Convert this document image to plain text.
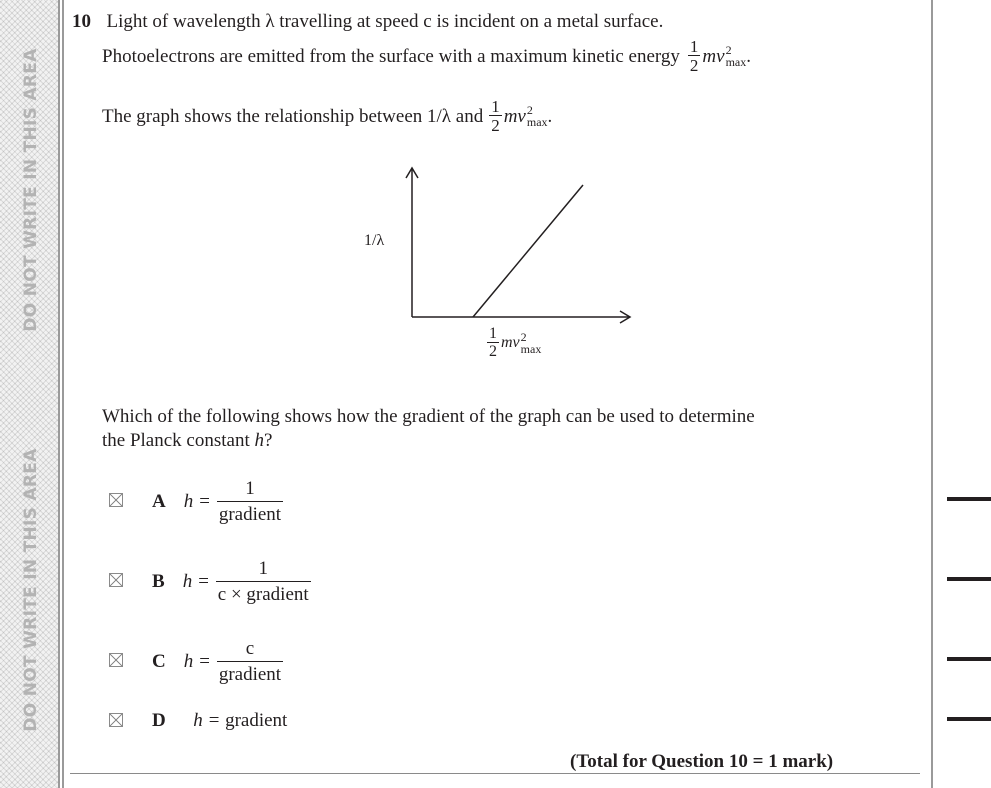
DO NOT WRITE IN THIS AREA
DO NOT WRITE IN THIS AREA
10 Light of wavelength λ travelling at speed c is incident on a metal surface.
Photoelectrons are emitted from the surface with a maximum kinetic energy $\frac{1}{2}$ mv 2
max .
The graph shows the relationship between 1/λ and $\frac{1}{2}$ mv 2
max .
1/λ
$\frac{1}{2}$ mv 2
max
Which of the following shows how the gradient of the graph can be used to determine
the Planck constant h?
A $h = \frac{1}{\text{gradient}}$
B $h = \frac{1}{\text{c × gradient}}$
C $h = \frac{c}{\text{gradient}}$
D h = gradient
(Total for Question 10 = 1 mark)
